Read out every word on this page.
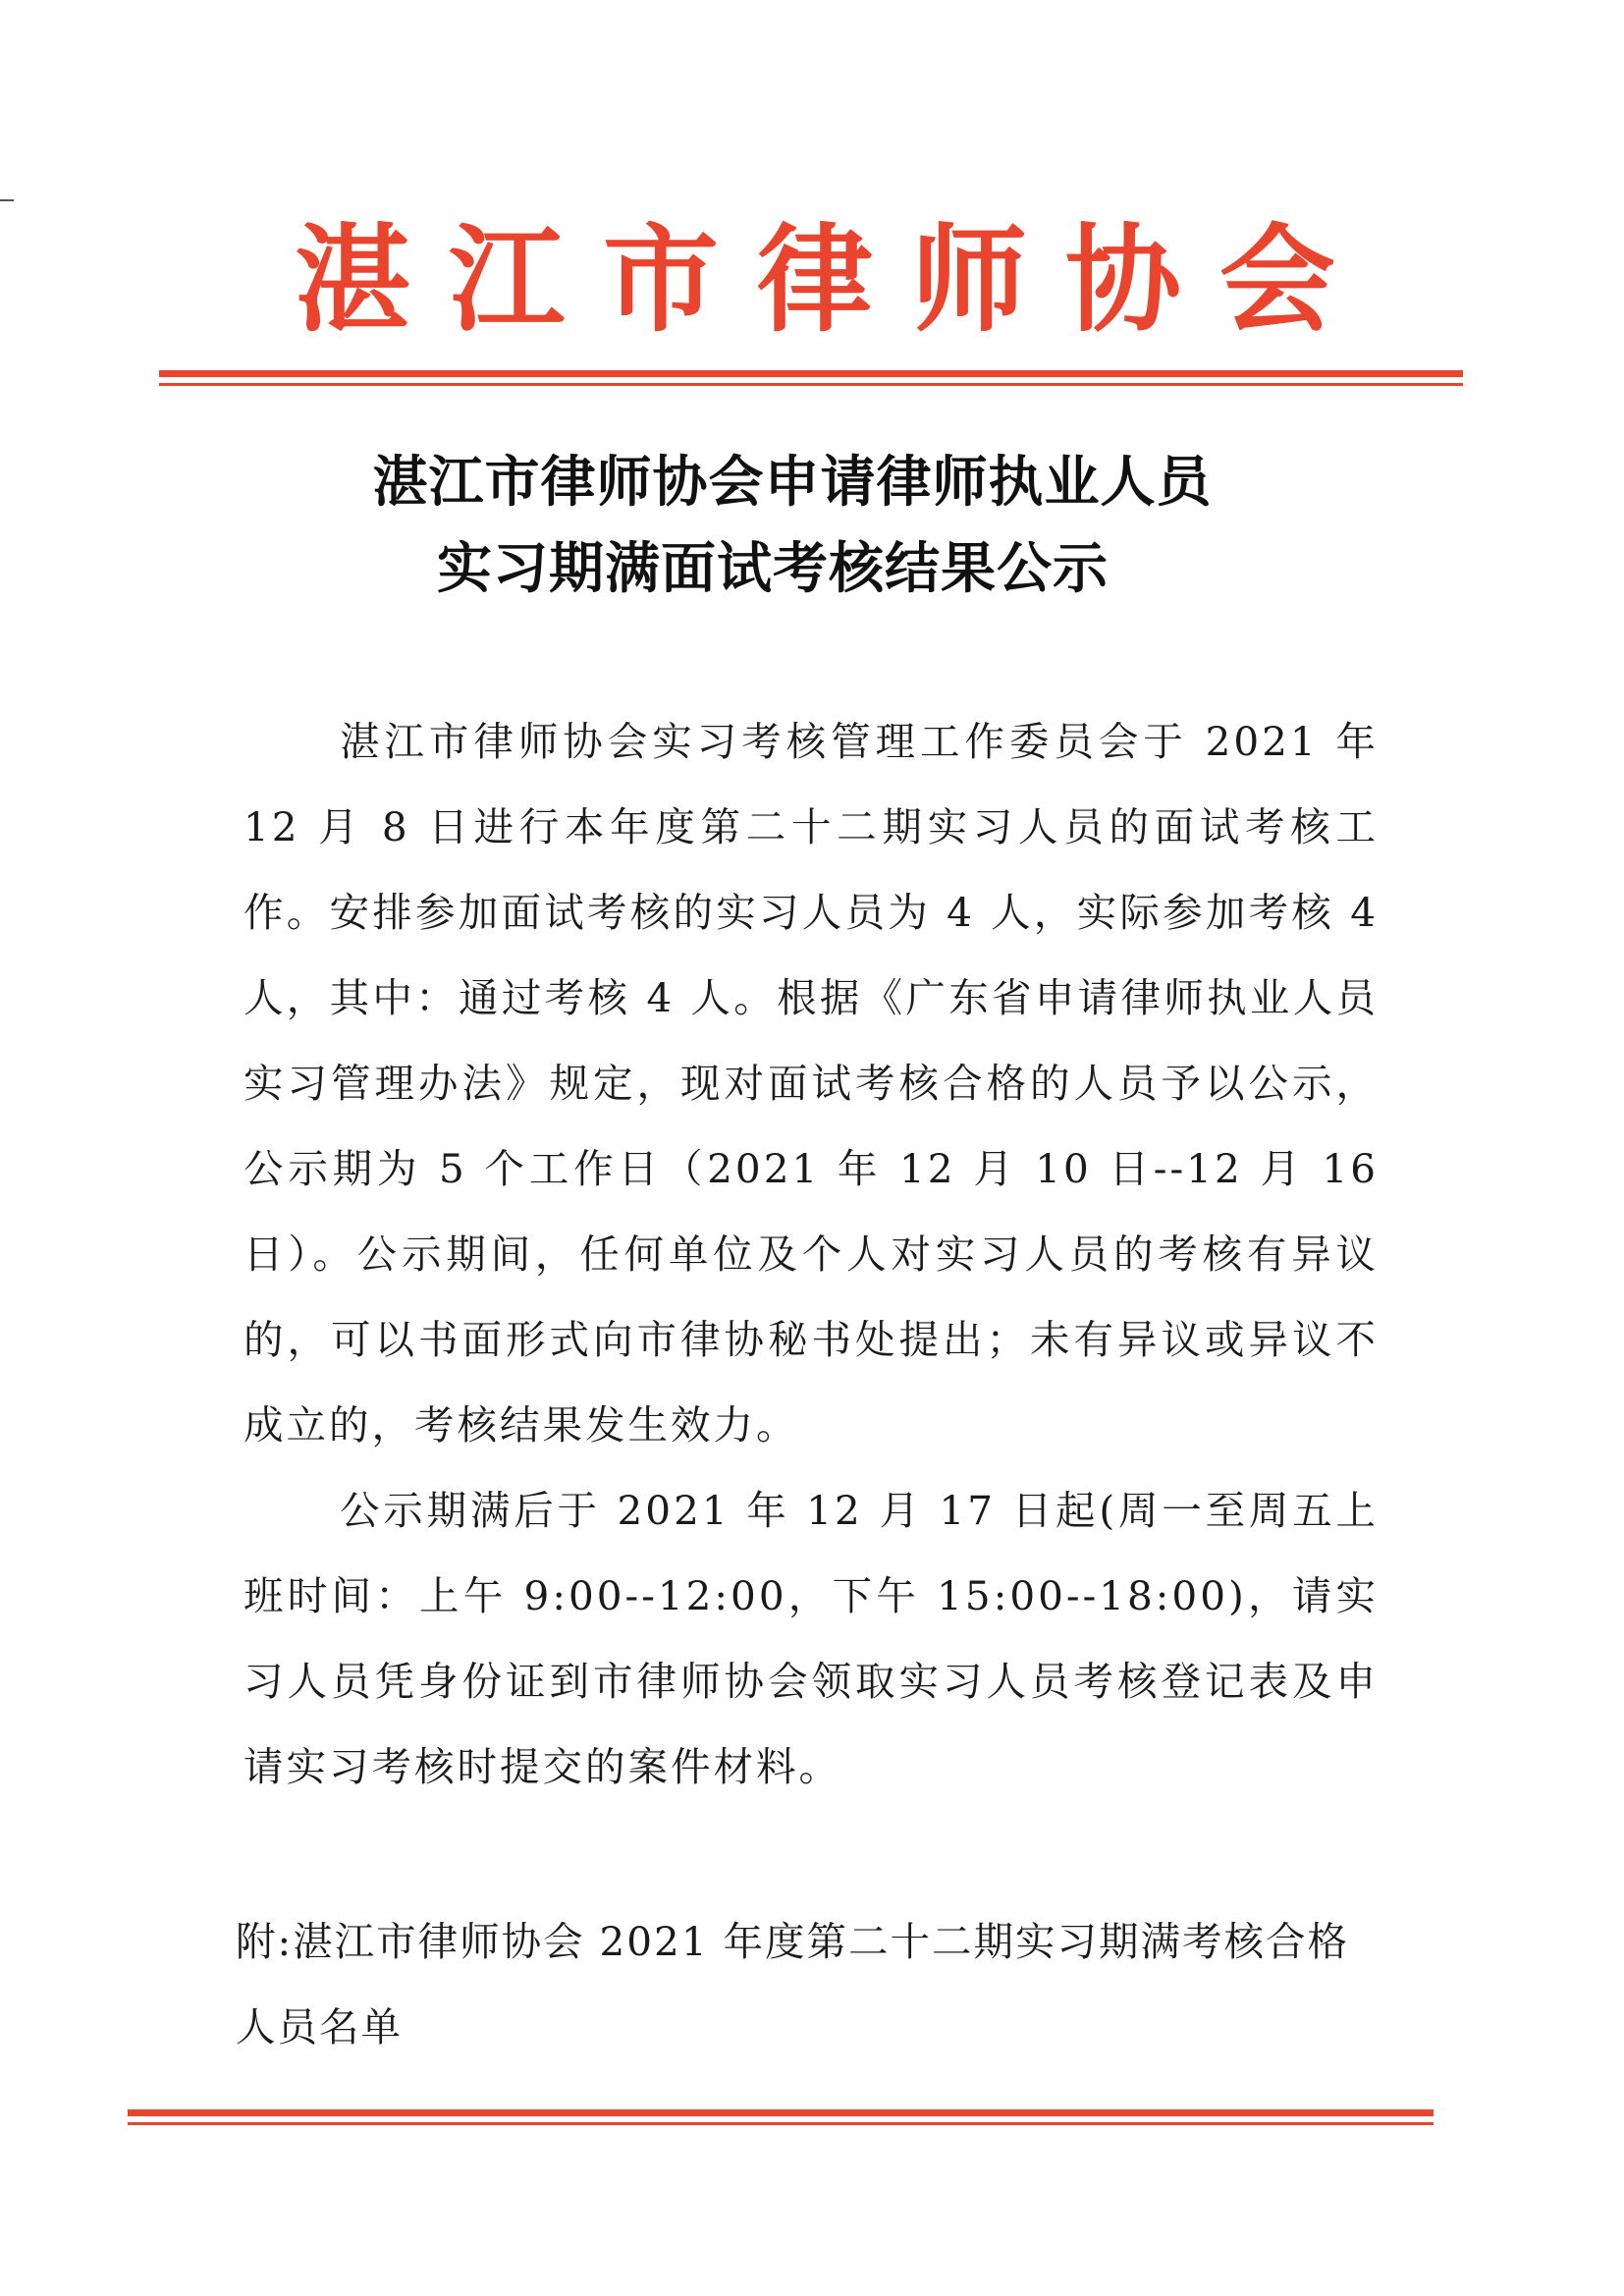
湛 江 市 律 师 协 会
湛江市律师协会申请律师执业人员
实习期满面试考核结果公示
湛江市律师协会实习考核管理工作委员会于 2021 年 12 月 8 日进行本年度第二十二期实习人员的面试考核工作。安排参加面试考核的实习人员为 4 人，实际参加考核 4 人，其中：通过考核 4 人。根据《广东省申请律师执业人员实习管理办法》规定，现对面试考核合格的人员予以公示，公示期为 5 个工作日（2021 年 12 月 10 日--12 月 16 日）。公示期间，任何单位及个人对实习人员的考核有异议的，可以书面形式向市律协秘书处提出；未有异议或异议不成立的，考核结果发生效力。
公示期满后于 2021 年 12 月 17 日起(周一至周五上班时间：上午 9:00--12:00，下午 15:00--18:00)，请实习人员凭身份证到市律师协会领取实习人员考核登记表及申请实习考核时提交的案件材料。
附:湛江市律师协会 2021 年度第二十二期实习期满考核合格人员名单
